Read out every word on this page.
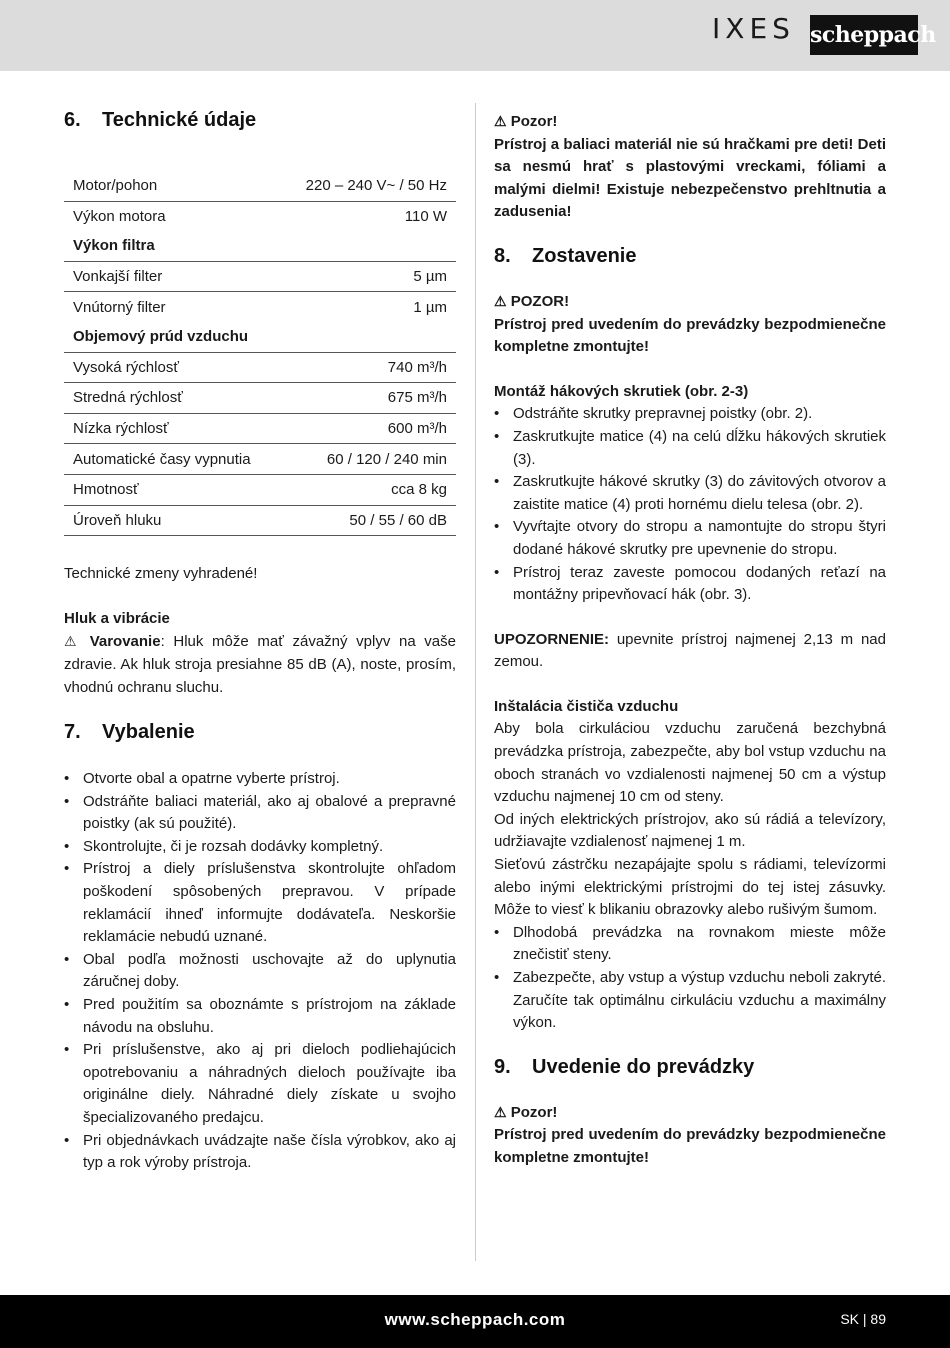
IXES scheppach
6. Technické údaje
Motor/pohon	220 – 240 V~ / 50 Hz
Výkon motora	110 W
Výkon filtra	
Vonkajší filter	5 µm
Vnútorný filter	1 µm
Objemový prúd vzduchu	
Vysoká rýchlosť	740 m³/h
Stredná rýchlosť	675 m³/h
Nízka rýchlosť	600 m³/h
Automatické časy vypnutia	60 / 120 / 240 min
Hmotnosť	cca 8 kg
Úroveň hluku	50 / 55 / 60 dB

Technické zmeny vyhradené!

Hluk a vibrácie

⚠ Varovanie: Hluk môže mať závažný vplyv na vaše zdravie. Ak hluk stroja presiahne 85 dB (A), noste, prosím, vhodnú ochranu sluchu.

7. Vybalenie
• Otvorte obal a opatrne vyberte prístroj.
• Odstráňte baliaci materiál, ako aj obalové a prepravné poistky (ak sú použité).
• Skontrolujte, či je rozsah dodávky kompletný.
• Prístroj a diely príslušenstva skontrolujte ohľadom poškodení spôsobených prepravou. V prípade reklamácií ihneď informujte dodávateľa. Neskoršie reklamácie nebudú uznané.
• Obal podľa možnosti uschovajte až do uplynutia záručnej doby.
• Pred použitím sa oboznámte s prístrojom na základe návodu na obsluhu.
• Pri príslušenstve, ako aj pri dieloch podliehajúcich opotrebovaniu a náhradných dieloch používajte iba originálne diely. Náhradné diely získate u svojho špecializovaného predajcu.
• Pri objednávkach uvádzajte naše čísla výrobkov, ako aj typ a rok výroby prístroja.

⚠ Pozor!

Prístroj a baliaci materiál nie sú hračkami pre deti! Deti sa nesmú hrať s plastovými vreckami, fóliami a malými dielmi! Existuje nebezpečenstvo prehltnutia a zadusenia!

8. Zostavenie

⚠ POZOR!

Prístroj pred uvedením do prevádzky bezpodmienečne kompletne zmontujte!

Montáž hákových skrutiek (obr. 2-3)

• Odstráňte skrutky prepravnej poistky (obr. 2).
• Zaskrutkujte matice (4) na celú dĺžku hákových skrutiek (3).
• Zaskrutkujte hákové skrutky (3) do závitových otvorov a zaistite matice (4) proti hornému dielu telesa (obr. 2).
• Vyvŕtajte otvory do stropu a namontujte do stropu štyri dodané hákové skrutky pre upevnenie do stropu.
• Prístroj teraz zaveste pomocou dodaných reťazí na montážny pripevňovací hák (obr. 3).

UPOZORNENIE: upevnite prístroj najmenej 2,13 m nad zemou.

Inštalácia čističa vzduchu

Aby bola cirkuláciou vzduchu zaručená bezchybná prevádzka prístroja, zabezpečte, aby bol vstup vzduchu na oboch stranách vo vzdialenosti najmenej 50 cm a výstup vzduchu najmenej 10 cm od steny.

Od iných elektrických prístrojov, ako sú rádiá a televízory, udržiavajte vzdialenosť najmenej 1 m.

Sieťovú zástrčku nezapájajte spolu s rádiami, televízormi alebo inými elektrickými prístrojmi do tej istej zásuvky. Môže to viesť k blikaniu obrazovky alebo rušivým šumom.

• Dlhodobá prevádzka na rovnakom mieste môže znečistiť steny.
• Zabezpečte, aby vstup a výstup vzduchu neboli zakryté. Zaručíte tak optimálnu cirkuláciu vzduchu a maximálny výkon.
9. Uvedenie do prevádzky

⚠ Pozor!

Prístroj pred uvedením do prevádzky bezpodmienečne kompletne zmontujte!

www.scheppach.com	SK | 89
